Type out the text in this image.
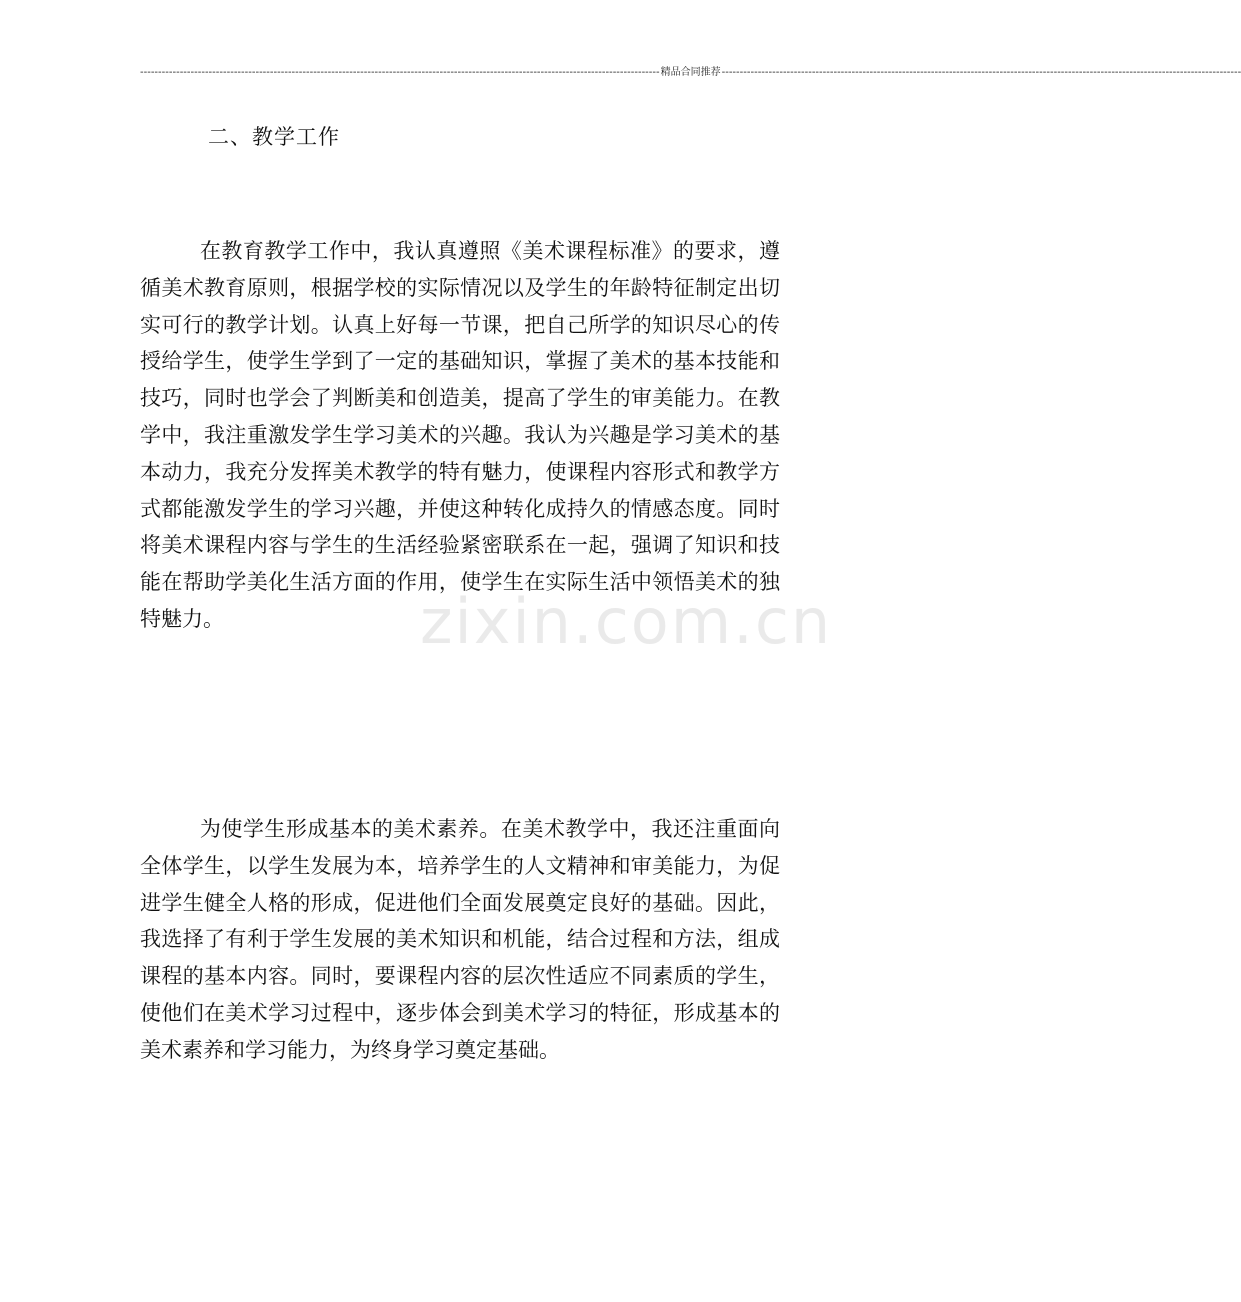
------------------------------------------------------------------------------------------------------------------------------------------------ 精品合同推荐 ------------------------------------------------------------------------------------------------------------------------------------------------
二、教学工作

在教育教学工作中，我认真遵照《美术课程标准》的要求，遵循美术教育原则，根据学校的实际情况以及学生的年龄特征制定出切实可行的教学计划。认真上好每一节课，把自己所学的知识尽心的传授给学生，使学生学到了一定的基础知识，掌握了美术的基本技能和技巧，同时也学会了判断美和创造美，提高了学生的审美能力。在教学中，我注重激发学生学习美术的兴趣。我认为兴趣是学习美术的基本动力，我充分发挥美术教学的特有魅力，使课程内容形式和教学方式都能激发学生的学习兴趣，并使这种转化成持久的情感态度。同时将美术课程内容与学生的生活经验紧密联系在一起，强调了知识和技能在帮助学美化生活方面的作用，使学生在实际生活中领悟美术的独特魅力。

为使学生形成基本的美术素养。在美术教学中，我还注重面向全体学生，以学生发展为本，培养学生的人文精神和审美能力，为促进学生健全人格的形成，促进他们全面发展奠定良好的基础。因此，我选择了有利于学生发展的美术知识和机能，结合过程和方法，组成课程的基本内容。同时，要课程内容的层次性适应不同素质的学生，使他们在美术学习过程中，逐步体会到美术学习的特征，形成基本的美术素养和学习能力，为终身学习奠定基础。

zixin.com.cn
